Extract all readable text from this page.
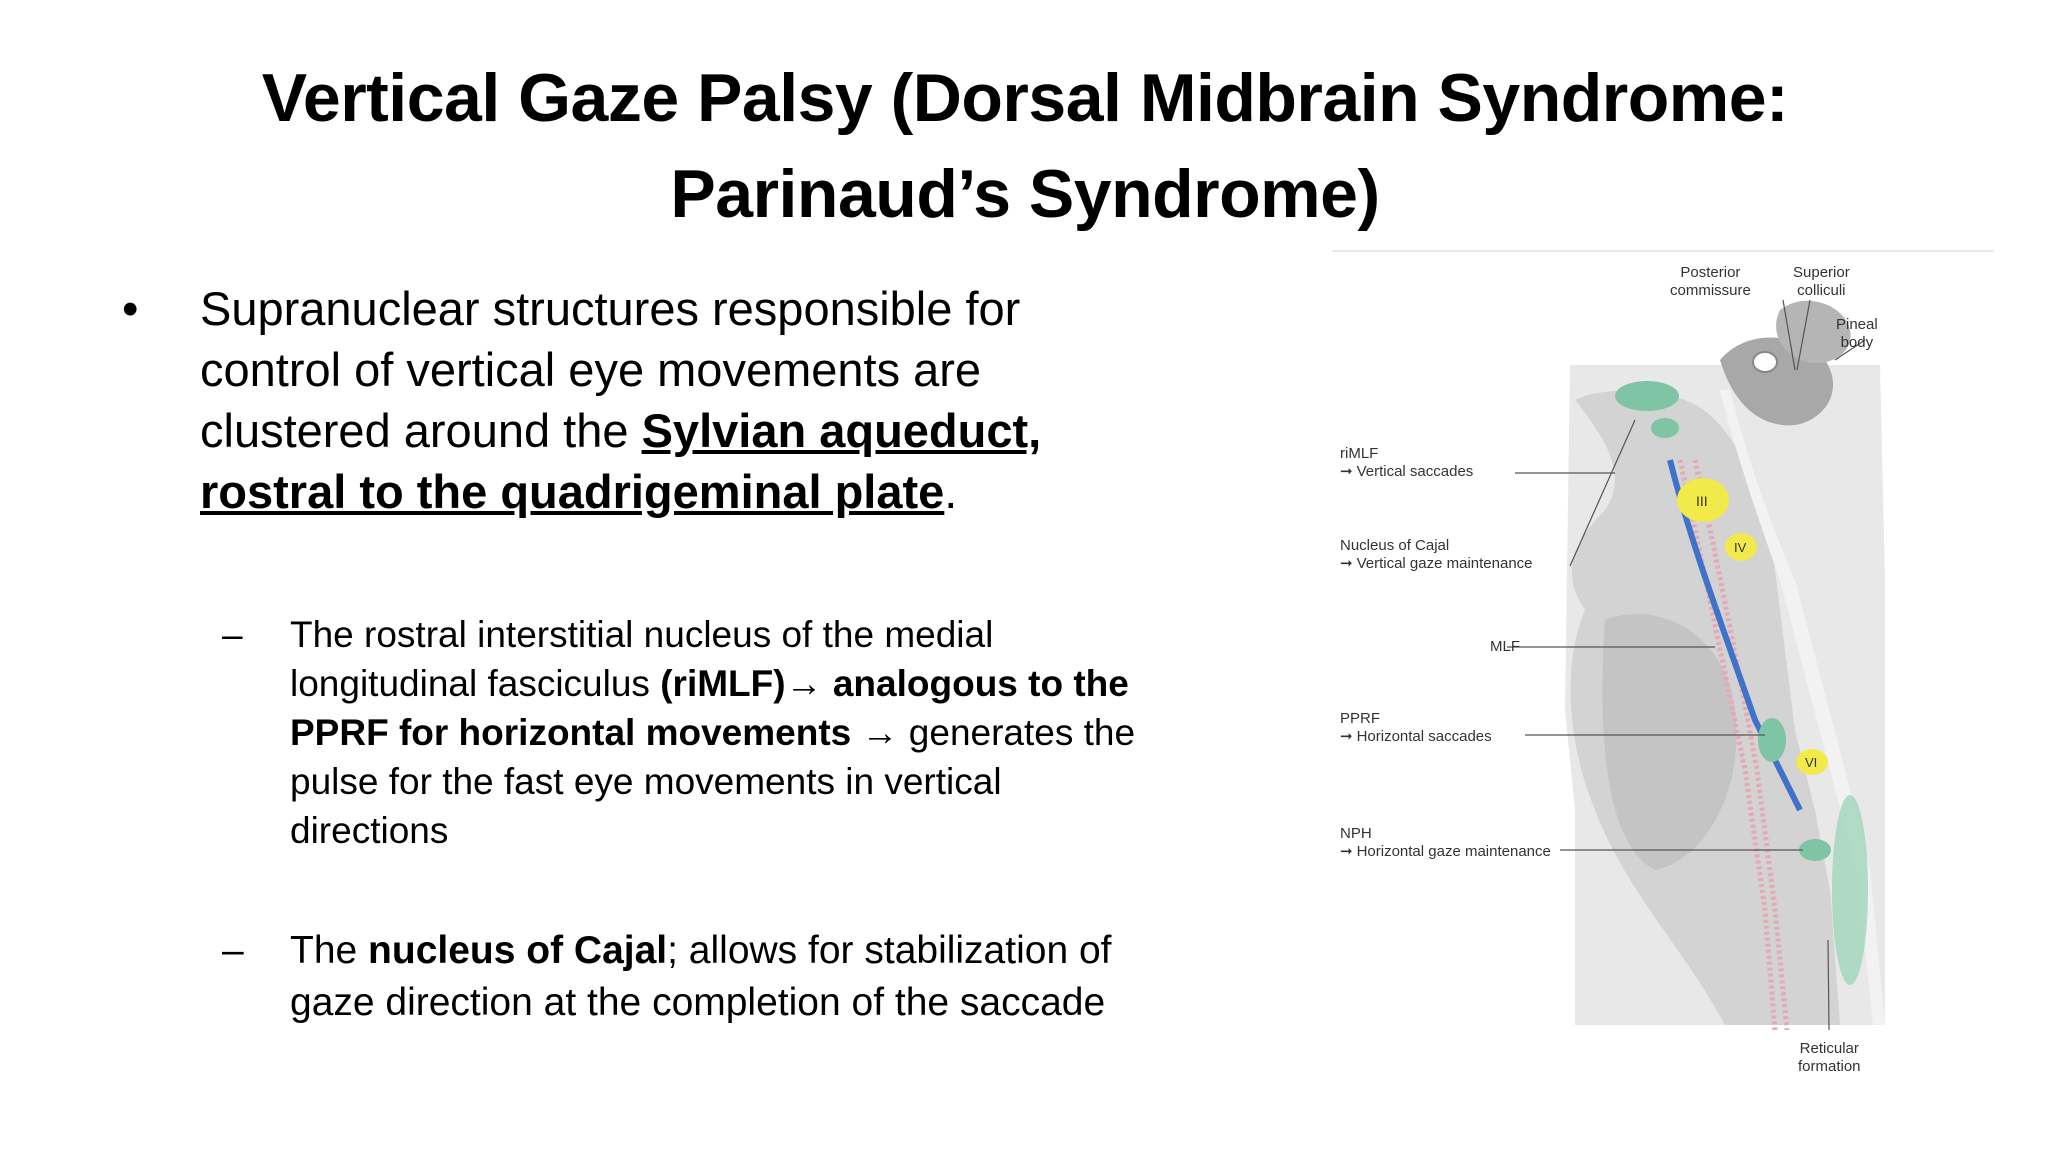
Vertical Gaze Palsy (Dorsal Midbrain Syndrome:
Parinaud’s Syndrome)
• Supranuclear structures responsible for control of vertical eye movements are clustered around the Sylvian aqueduct, rostral to the quadrigeminal plate.
– The rostral interstitial nucleus of the medial longitudinal fasciculus (riMLF)→ analogous to the PPRF for horizontal movements → generates the pulse for the fast eye movements in vertical directions
– The nucleus of Cajal; allows for stabilization of gaze direction at the completion of the saccade
III
IV
VI
Posterior
commissure
Superior
colliculi
Pineal
body
riMLF
➞ Vertical saccades
Nucleus of Cajal
➞ Vertical gaze maintenance
MLF
PPRF
➞ Horizontal saccades
NPH
➞ Horizontal gaze maintenance
Reticular
formation
